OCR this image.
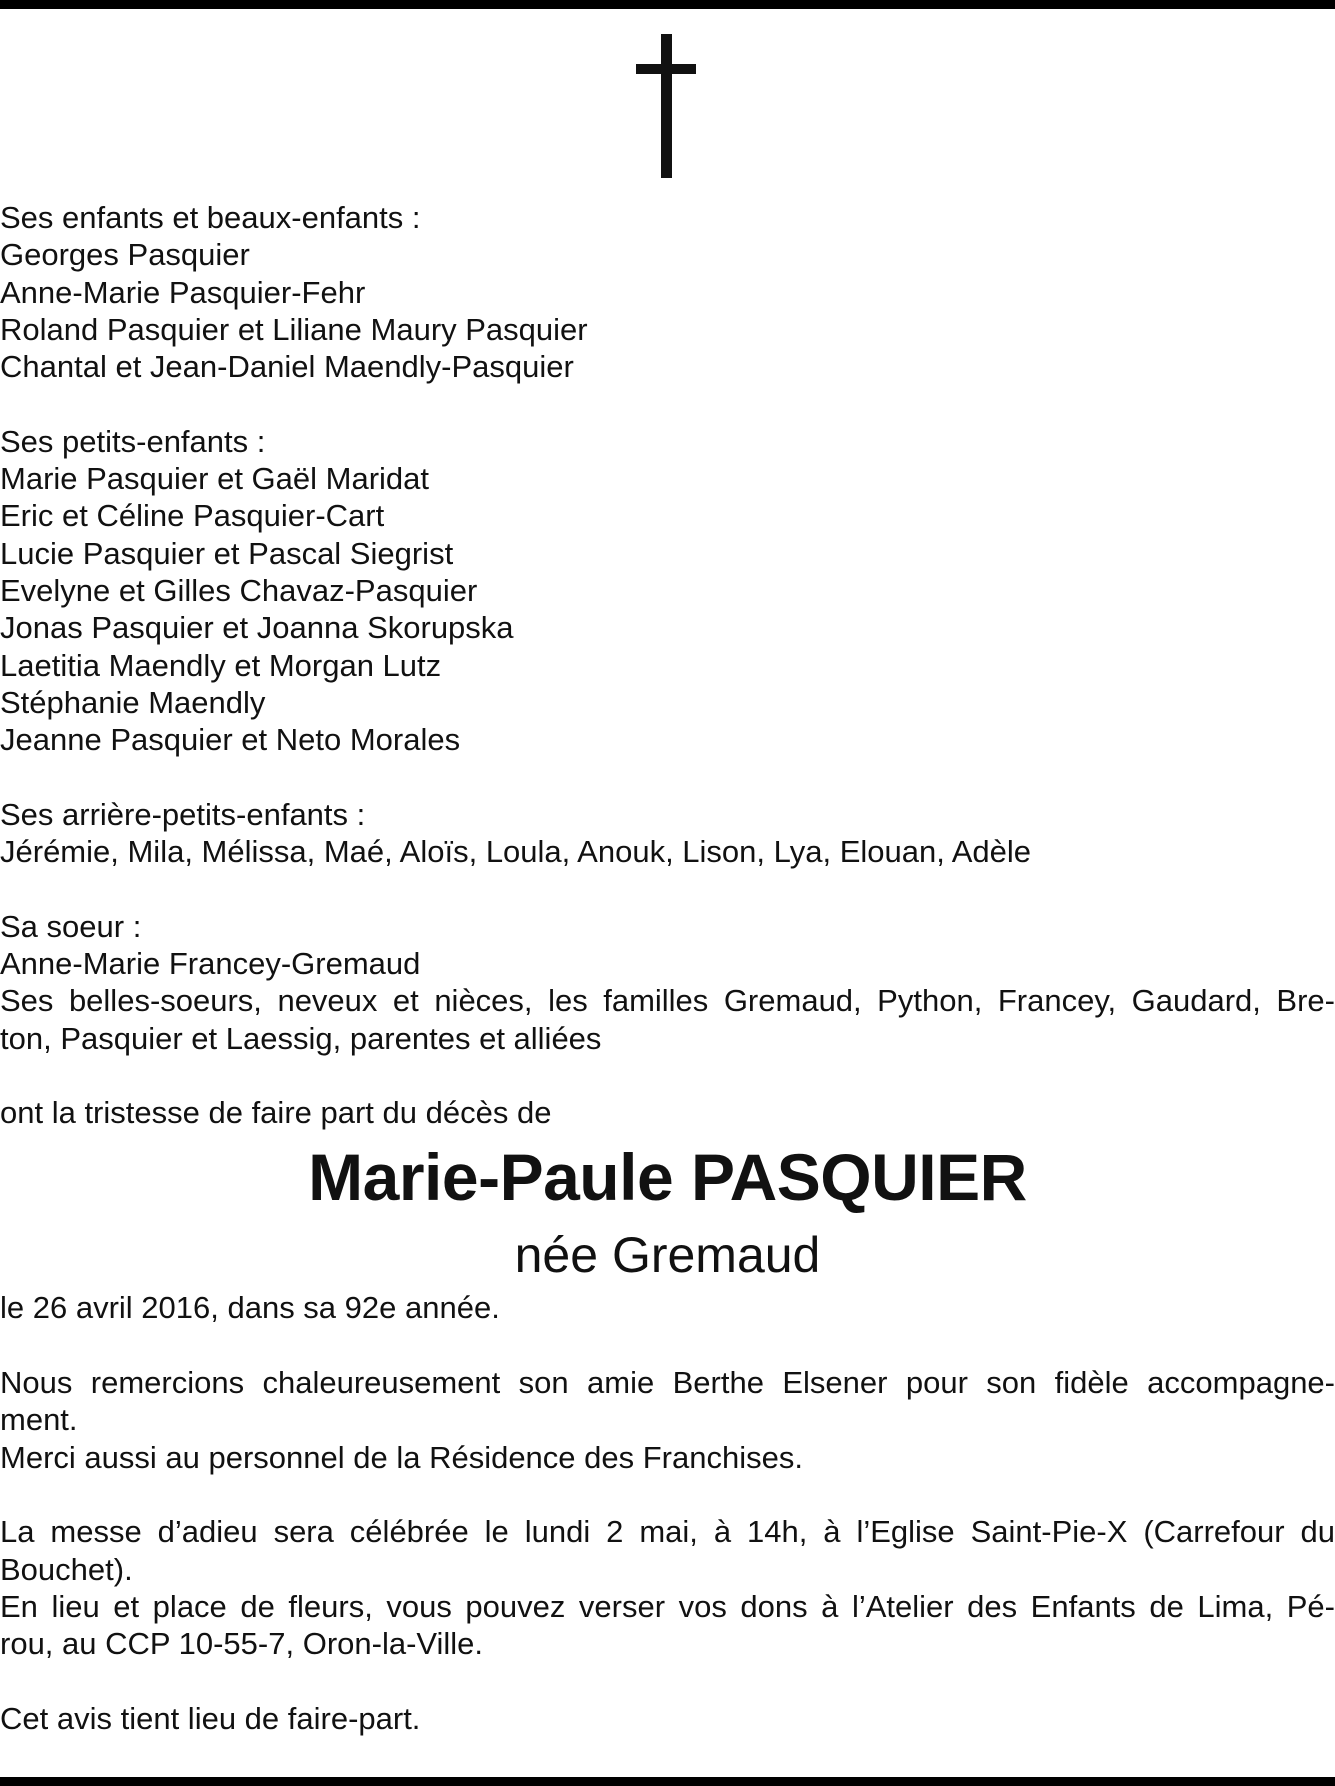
Ses enfants et beaux-enfants :
Georges Pasquier
Anne-Marie Pasquier-Fehr
Roland Pasquier et Liliane Maury Pasquier
Chantal et Jean-Daniel Maendly-Pasquier
Ses petits-enfants :
Marie Pasquier et Gaël Maridat
Eric et Céline Pasquier-Cart
Lucie Pasquier et Pascal Siegrist
Evelyne et Gilles Chavaz-Pasquier
Jonas Pasquier et Joanna Skorupska
Laetitia Maendly et Morgan Lutz
Stéphanie Maendly
Jeanne Pasquier et Neto Morales
Ses arrière-petits-enfants :
Jérémie, Mila, Mélissa, Maé, Aloïs, Loula, Anouk, Lison, Lya, Elouan, Adèle
Sa soeur :
Anne-Marie Francey-Gremaud
Ses belles-soeurs, neveux et nièces, les familles Gremaud, Python, Francey, Gaudard, Bre-
ton, Pasquier et Laessig, parentes et alliées
ont la tristesse de faire part du décès de
Marie-Paule PASQUIER
née Gremaud
le 26 avril 2016, dans sa 92e année.
Nous remercions chaleureusement son amie Berthe Elsener pour son fidèle accompagne-
ment.
Merci aussi au personnel de la Résidence des Franchises.
La messe d’adieu sera célébrée le lundi 2 mai, à 14h, à l’Eglise Saint-Pie-X (Carrefour du
Bouchet).
En lieu et place de fleurs, vous pouvez verser vos dons à l’Atelier des Enfants de Lima, Pé-
rou, au CCP 10-55-7, Oron-la-Ville.
Cet avis tient lieu de faire-part.
